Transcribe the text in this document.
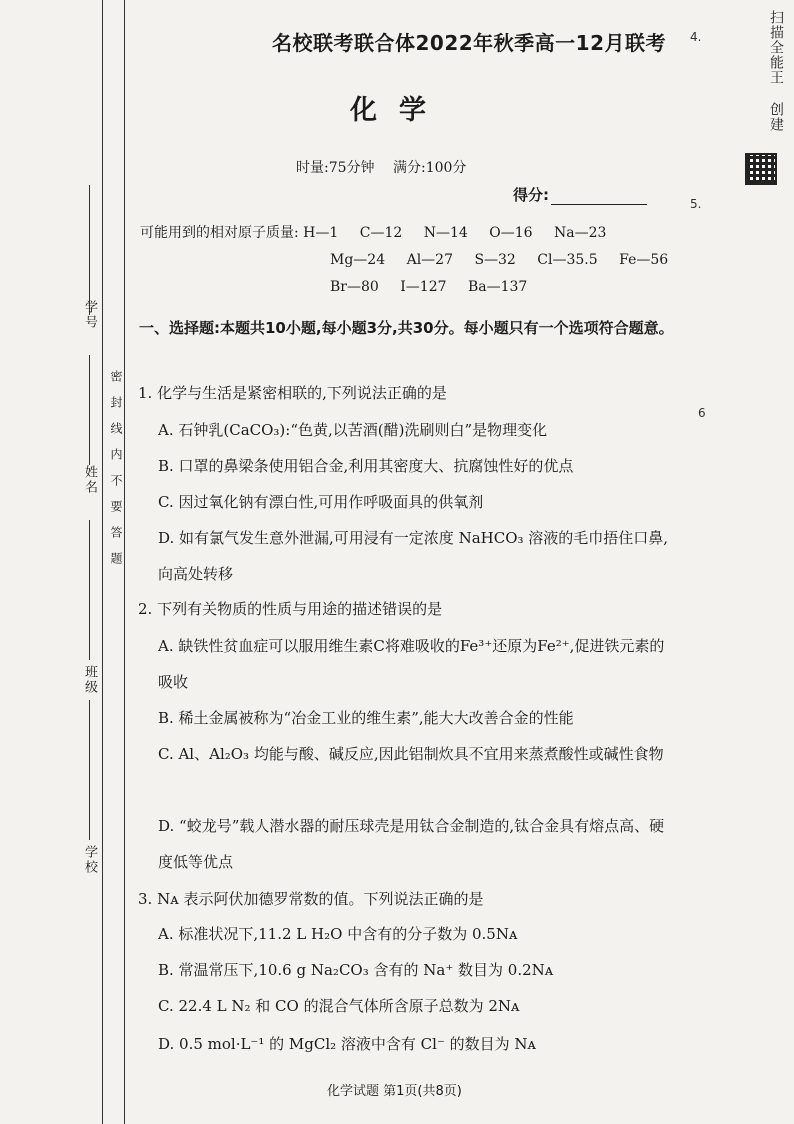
学号
姓名
班级
学校
密封线内不要答题
4.
5.
6
扫描全能王 创建
名校联考联合体2022年秋季高一12月联考
化学
时量:75分钟 满分:100分
得分:
可能用到的相对原子质量: H—1 C—12 N—14 O—16 Na—23
Mg—24 Al—27 S—32 Cl—35.5 Fe—56
Br—80 I—127 Ba—137
一、选择题:本题共10小题,每小题3分,共30分。每小题只有一个选项符合题意。
1. 化学与生活是紧密相联的,下列说法正确的是
A. 石钟乳(CaCO₃):“色黄,以苦酒(醋)洗刷则白”是物理变化
B. 口罩的鼻梁条使用铝合金,利用其密度大、抗腐蚀性好的优点
C. 因过氧化钠有漂白性,可用作呼吸面具的供氧剂
D. 如有氯气发生意外泄漏,可用浸有一定浓度 NaHCO₃ 溶液的毛巾捂住口鼻,向高处转移
2. 下列有关物质的性质与用途的描述错误的是
A. 缺铁性贫血症可以服用维生素C将难吸收的Fe³⁺还原为Fe²⁺,促进铁元素的吸收
B. 稀土金属被称为“冶金工业的维生素”,能大大改善合金的性能
C. Al、Al₂O₃ 均能与酸、碱反应,因此铝制炊具不宜用来蒸煮酸性或碱性食物
D. “蛟龙号”载人潜水器的耐压球壳是用钛合金制造的,钛合金具有熔点高、硬度低等优点
3. Nᴀ 表示阿伏加德罗常数的值。下列说法正确的是
A. 标准状况下,11.2 L H₂O 中含有的分子数为 0.5Nᴀ
B. 常温常压下,10.6 g Na₂CO₃ 含有的 Na⁺ 数目为 0.2Nᴀ
C. 22.4 L N₂ 和 CO 的混合气体所含原子总数为 2Nᴀ
D. 0.5 mol·L⁻¹ 的 MgCl₂ 溶液中含有 Cl⁻ 的数目为 Nᴀ
化学试题 第1页(共8页)
